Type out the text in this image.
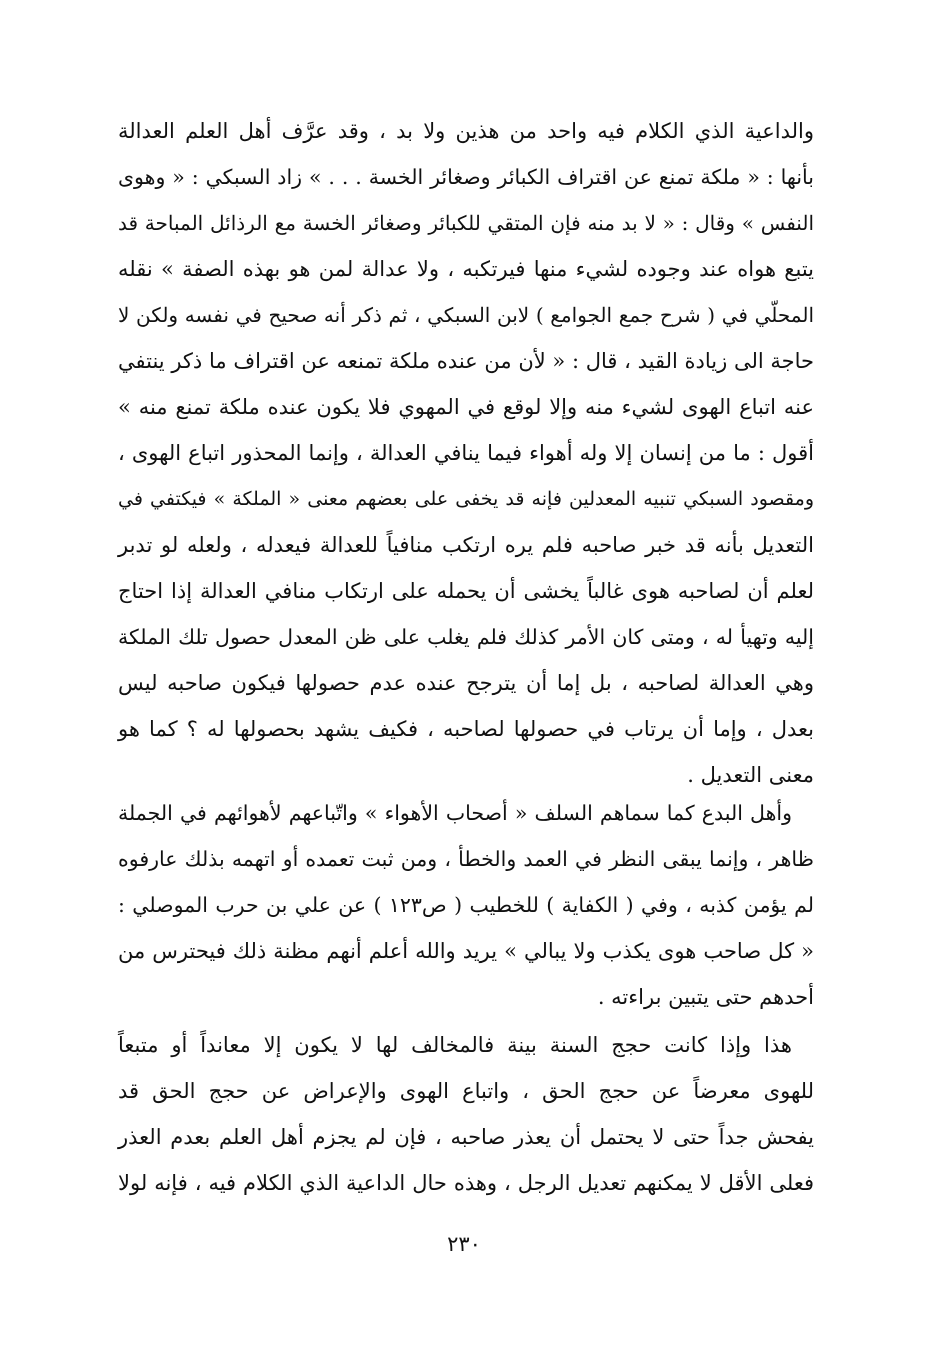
والداعية الذي الكلام فيه واحد من هذين ولا بد ، وقد عرَّف أهل العلم العدالة
بأنها : « ملكة تمنع عن اقتراف الكبائر وصغائر الخسة . . . » زاد السبكي : « وهوى
النفس » وقال : « لا بد منه فإن المتقي للكبائر وصغائر الخسة مع الرذائل المباحة قد
يتبع هواه عند وجوده لشيء منها فيرتكبه ، ولا عدالة لمن هو بهذه الصفة » نقله
المحلّي في ( شرح جمع الجوامع ) لابن السبكي ، ثم ذكر أنه صحيح في نفسه ولكن لا
حاجة الى زيادة القيد ، قال : « لأن من عنده ملكة تمنعه عن اقتراف ما ذكر ينتفي
عنه اتباع الهوى لشيء منه وإلا لوقع في المهوي فلا يكون عنده ملكة تمنع منه »
أقول : ما من إنسان إلا وله أهواء فيما ينافي العدالة ، وإنما المحذور اتباع الهوى ،
ومقصود السبكي تنبيه المعدلين فإنه قد يخفى على بعضهم معنى « الملكة » فيكتفي في
التعديل بأنه قد خبر صاحبه فلم يره ارتكب منافياً للعدالة فيعدله ، ولعله لو تدبر
لعلم أن لصاحبه هوى غالباً يخشى أن يحمله على ارتكاب منافي العدالة إذا احتاج
إليه وتهيأ له ، ومتى كان الأمر كذلك فلم يغلب على ظن المعدل حصول تلك الملكة
وهي العدالة لصاحبه ، بل إما أن يترجح عنده عدم حصولها فيكون صاحبه ليس
بعدل ، وإما أن يرتاب في حصولها لصاحبه ، فكيف يشهد بحصولها له ؟ كما هو
معنى التعديل .
وأهل البدع كما سماهم السلف « أصحاب الأهواء » واتّباعهم لأهوائهم في الجملة
ظاهر ، وإنما يبقى النظر في العمد والخطأ ، ومن ثبت تعمده أو اتهمه بذلك عارفوه
لم يؤمن كذبه ، وفي ( الكفاية ) للخطيب ( ص١٢٣ ) عن علي بن حرب الموصلي :
« كل صاحب هوى يكذب ولا يبالي » يريد والله أعلم أنهم مظنة ذلك فيحترس من
أحدهم حتى يتبين براءته .
هذا وإذا كانت حجج السنة بينة فالمخالف لها لا يكون إلا معانداً أو متبعاً
للهوى معرضاً عن حجج الحق ، واتباع الهوى والإعراض عن حجج الحق قد
يفحش جداً حتى لا يحتمل أن يعذر صاحبه ، فإن لم يجزم أهل العلم بعدم العذر
فعلى الأقل لا يمكنهم تعديل الرجل ، وهذه حال الداعية الذي الكلام فيه ، فإنه لولا
٢٣٠
